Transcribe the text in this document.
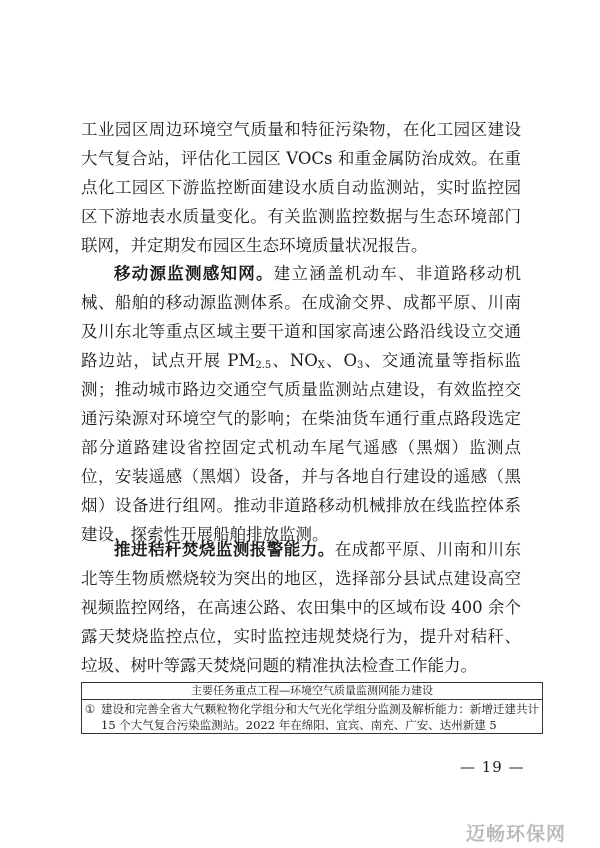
工业园区周边环境空气质量和特征污染物，在化工园区建设大气复合站，评估化工园区 VOCs 和重金属防治成效。在重点化工园区下游监控断面建设水质自动监测站，实时监控园区下游地表水质量变化。有关监测监控数据与生态环境部门联网，并定期发布园区生态环境质量状况报告。

移动源监测感知网。建立涵盖机动车、非道路移动机械、船舶的移动源监测体系。在成渝交界、成都平原、川南及川东北等重点区域主要干道和国家高速公路沿线设立交通路边站，试点开展 $PM_{2.5}$、$NO_X$、$O_3$、交通流量等指标监测；推动城市路边交通空气质量监测站点建设，有效监控交通污染源对环境空气的影响；在柴油货车通行重点路段选定部分道路建设省控固定式机动车尾气遥感（黑烟）监测点位，安装遥感（黑烟）设备，并与各地自行建设的遥感（黑烟）设备进行组网。推动非道路移动机械排放在线监控体系建设，探索性开展船舶排放监测。

推进秸秆焚烧监测报警能力。在成都平原、川南和川东北等生物质燃烧较为突出的地区，选择部分县试点建设高空视频监控网络，在高速公路、农田集中的区域布设 400 余个露天焚烧监控点位，实时监控违规焚烧行为，提升对秸秆、垃圾、树叶等露天焚烧问题的精准执法检查工作能力。

主要任务重点工程—环境空气质量监测网能力建设
① 建设和完善全省大气颗粒物化学组分和大气光化学组分监测及解析能力：新增迁建共计 15 个大气复合污染监测站。2022 年在绵阳、宜宾、南充、广安、达州新建 5
— 19 —
迈畅环保网
